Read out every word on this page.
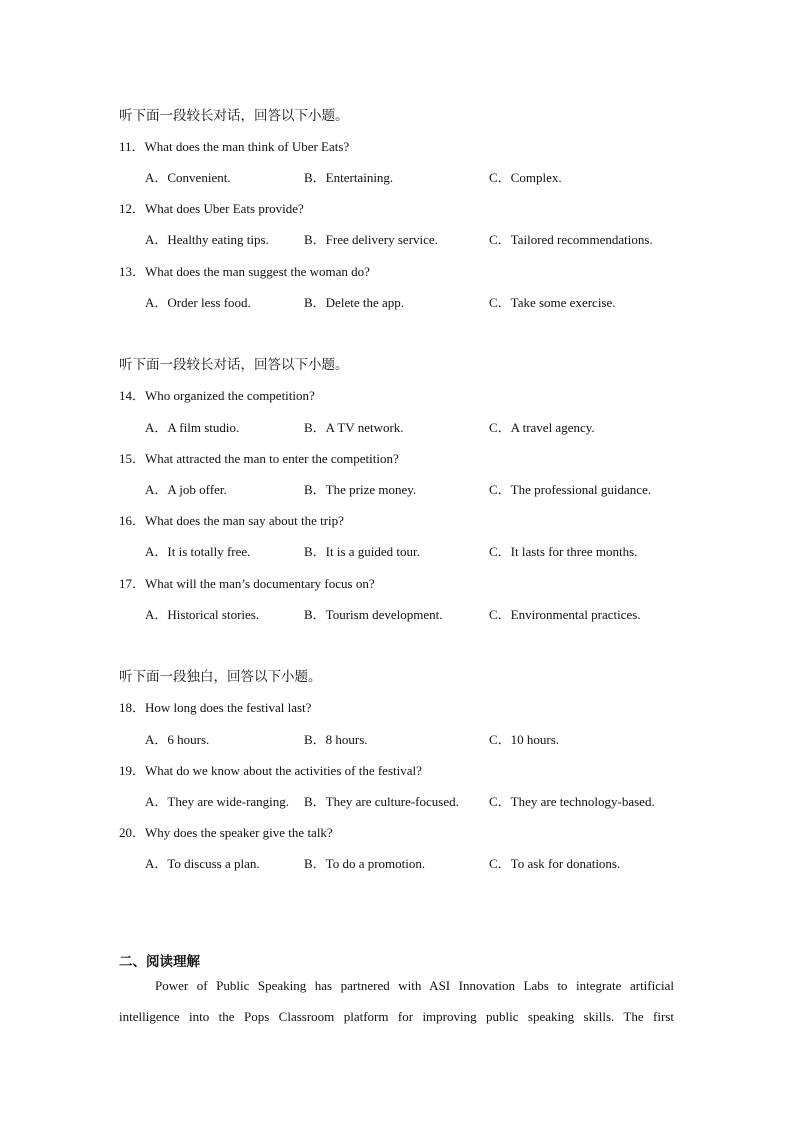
听下面一段较长对话，回答以下小题。
11．What does the man think of Uber Eats?
A．Convenient.	B．Entertaining.	C．Complex.
12．What does Uber Eats provide?
A．Healthy eating tips.	B．Free delivery service.	C．Tailored recommendations.
13．What does the man suggest the woman do?
A．Order less food.	B．Delete the app.	C．Take some exercise.
听下面一段较长对话，回答以下小题。
14．Who organized the competition?
A．A film studio.	B．A TV network.	C．A travel agency.
15．What attracted the man to enter the competition?
A．A job offer.	B．The prize money.	C．The professional guidance.
16．What does the man say about the trip?
A．It is totally free.	B．It is a guided tour.	C．It lasts for three months.
17．What will the man’s documentary focus on?
A．Historical stories.	B．Tourism development.	C．Environmental practices.
听下面一段独白，回答以下小题。
18．How long does the festival last?
A．6 hours.	B．8 hours.	C．10 hours.
19．What do we know about the activities of the festival?
A．They are wide-ranging. B．They are culture-focused. C．They are technology-based.
20．Why does the speaker give the talk?
A．To discuss a plan.	B．To do a promotion.	C．To ask for donations.
二、阅读理解
Power of Public Speaking has partnered with ASI Innovation Labs to integrate artificial
intelligence into the Pops Classroom platform for improving public speaking skills. The first
